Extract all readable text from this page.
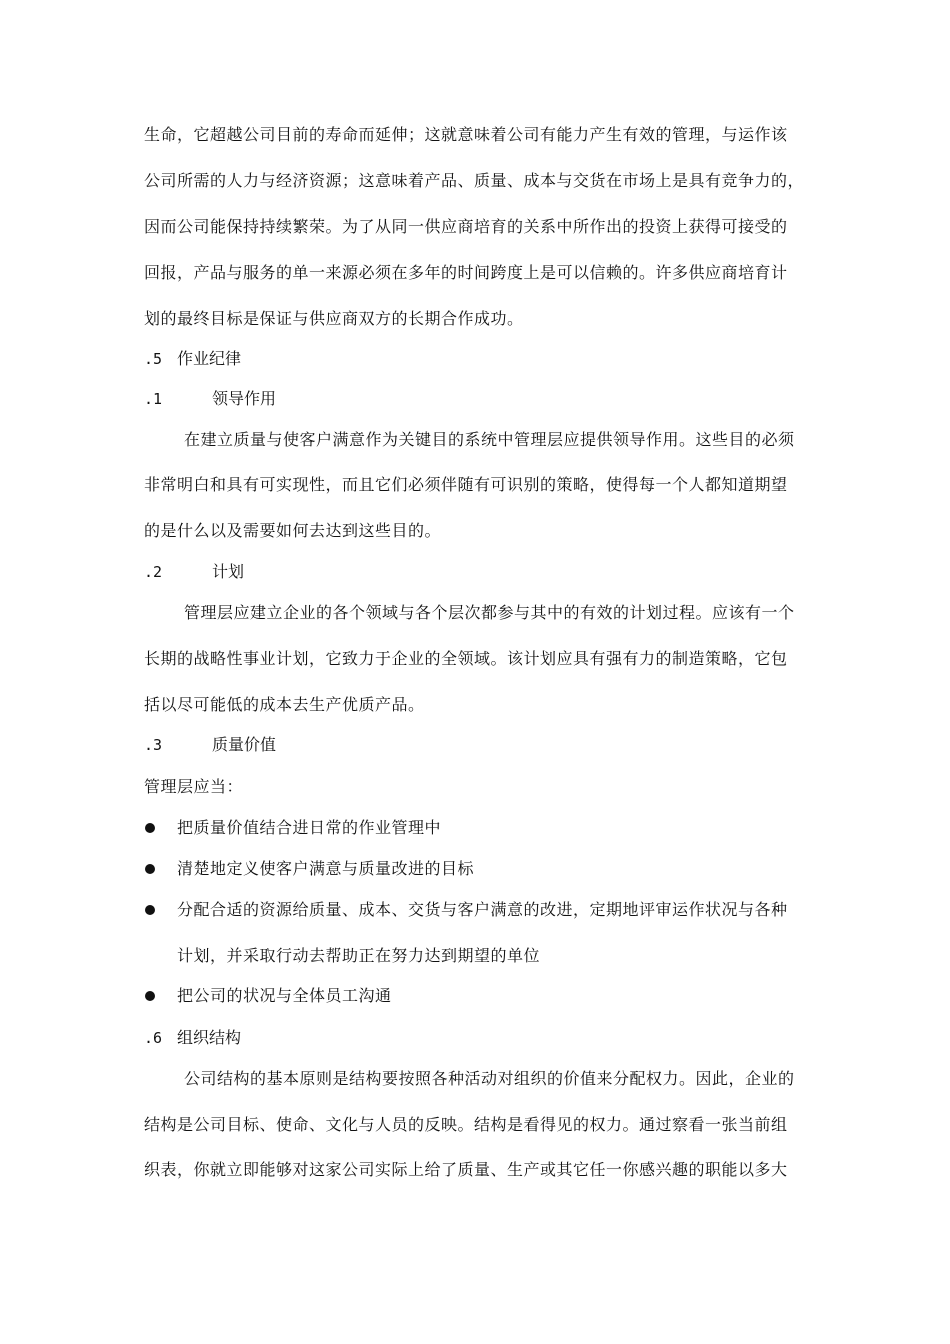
生命，它超越公司目前的寿命而延伸；这就意味着公司有能力产生有效的管理，与运作该
公司所需的人力与经济资源；这意味着产品、质量、成本与交货在市场上是具有竞争力的，
因而公司能保持持续繁荣。为了从同一供应商培育的关系中所作出的投资上获得可接受的
回报，产品与服务的单一来源必须在多年的时间跨度上是可以信赖的。许多供应商培育计
划的最终目标是保证与供应商双方的长期合作成功。
.5 作业纪律
.1	领导作用
在建立质量与使客户满意作为关键目的系统中管理层应提供领导作用。这些目的必须
非常明白和具有可实现性，而且它们必须伴随有可识别的策略，使得每一个人都知道期望
的是什么以及需要如何去达到这些目的。
.2	计划
管理层应建立企业的各个领域与各个层次都参与其中的有效的计划过程。应该有一个
长期的战略性事业计划，它致力于企业的全领域。该计划应具有强有力的制造策略，它包
括以尽可能低的成本去生产优质产品。
.3	质量价值
管理层应当：
把质量价值结合进日常的作业管理中
清楚地定义使客户满意与质量改进的目标
分配合适的资源给质量、成本、交货与客户满意的改进，定期地评审运作状况与各种
计划，并采取行动去帮助正在努力达到期望的单位
把公司的状况与全体员工沟通
.6 组织结构
公司结构的基本原则是结构要按照各种活动对组织的价值来分配权力。因此，企业的
结构是公司目标、使命、文化与人员的反映。结构是看得见的权力。通过察看一张当前组
织表，你就立即能够对这家公司实际上给了质量、生产或其它任一你感兴趣的职能以多大
